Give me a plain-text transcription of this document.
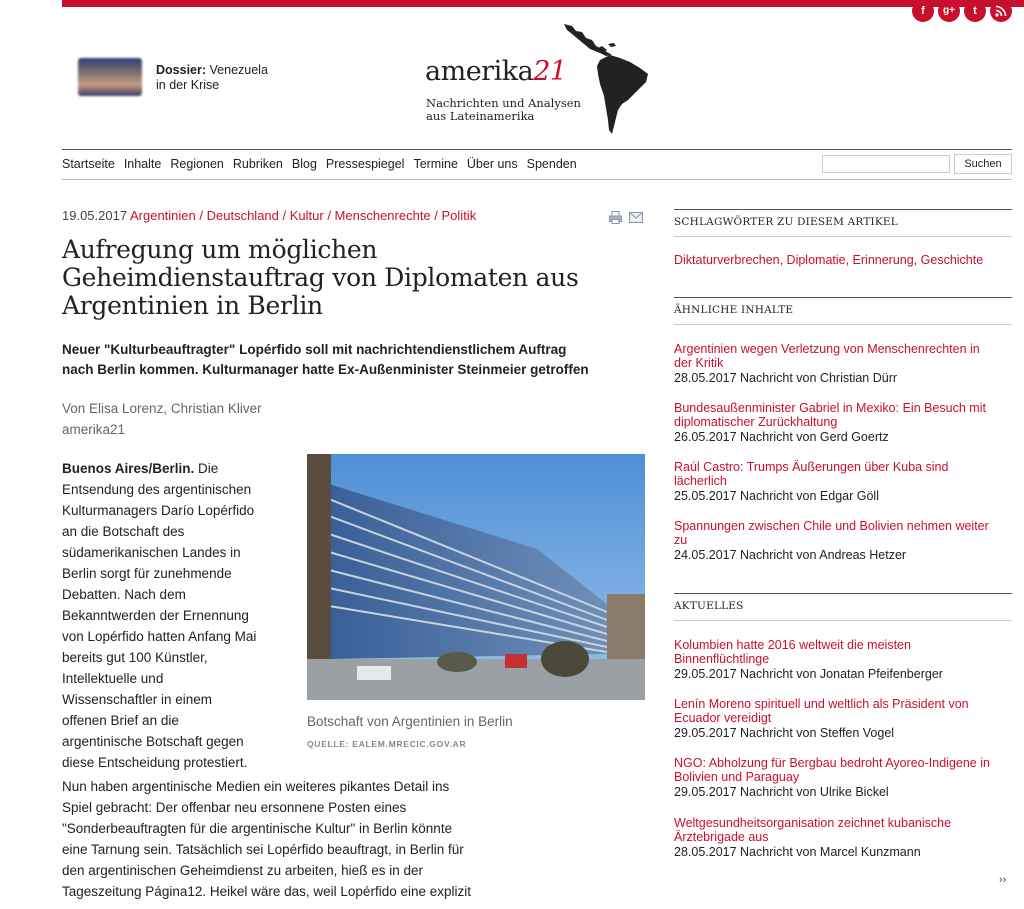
f	g+	t
Dossier: Venezuela
in der Krise	amerika21
Nachrichten und Analysen
aus Lateinamerika
Startseite Inhalte Regionen Rubriken Blog Pressespiegel Termine Über uns Spenden	Suchen
19.05.2017 Argentinien / Deutschland / Kultur / Menschenrechte / Politik
Aufregung um möglichen
Geheimdienstauftrag von Diplomaten aus
Argentinien in Berlin
Neuer "Kulturbeauftragter" Lopérfido soll mit nachrichtendienstlichem Auftrag
nach Berlin kommen. Kulturmanager hatte Ex-Außenminister Steinmeier getroffen
Von Elisa Lorenz, Christian Kliver
amerika21
Botschaft von Argentinien in Berlin
QUELLE: EALEM.MRECIC.GOV.AR
Buenos Aires/Berlin. Die
Entsendung des argentinischen
Kulturmanagers Darío Lopérfido
an die Botschaft des
südamerikanischen Landes in
Berlin sorgt für zunehmende
Debatten. Nach dem
Bekanntwerden der Ernennung
von Lopérfido hatten Anfang Mai
bereits gut 100 Künstler,
Intellektuelle und
Wissenschaftler in einem
offenen Brief an die
argentinische Botschaft gegen
diese Entscheidung protestiert.
Nun haben argentinische Medien ein weiteres pikantes Detail ins
Spiel gebracht: Der offenbar neu ersonnene Posten eines
"Sonderbeauftragten für die argentinische Kultur" in Berlin könnte
eine Tarnung sein. Tatsächlich sei Lopérfido beauftragt, in Berlin für
den argentinischen Geheimdienst zu arbeiten, hieß es in der
Tageszeitung Página12. Heikel wäre das, weil Lopérfido eine explizit
SCHLAGWÖRTER ZU DIESEM ARTIKEL
Diktaturverbrechen, Diplomatie, Erinnerung, Geschichte
ÄHNLICHE INHALTE
Argentinien wegen Verletzung von Menschenrechten in
der Kritik
28.05.2017 Nachricht von Christian Dürr
Bundesaußenminister Gabriel in Mexiko: Ein Besuch mit
diplomatischer Zurückhaltung
26.05.2017 Nachricht von Gerd Goertz
Raúl Castro: Trumps Äußerungen über Kuba sind
lächerlich
25.05.2017 Nachricht von Edgar Göll
Spannungen zwischen Chile und Bolivien nehmen weiter
zu
24.05.2017 Nachricht von Andreas Hetzer
AKTUELLES
Kolumbien hatte 2016 weltweit die meisten
Binnenflüchtlinge
29.05.2017 Nachricht von Jonatan Pfeifenberger
Lenín Moreno spirituell und weltlich als Präsident von
Ecuador vereidigt
29.05.2017 Nachricht von Steffen Vogel
NGO: Abholzung für Bergbau bedroht Ayoreo-Indigene in
Bolivien und Paraguay
29.05.2017 Nachricht von Ulrike Bickel
Weltgesundheitsorganisation zeichnet kubanische
Ärztebrigade aus
28.05.2017 Nachricht von Marcel Kunzmann
››
